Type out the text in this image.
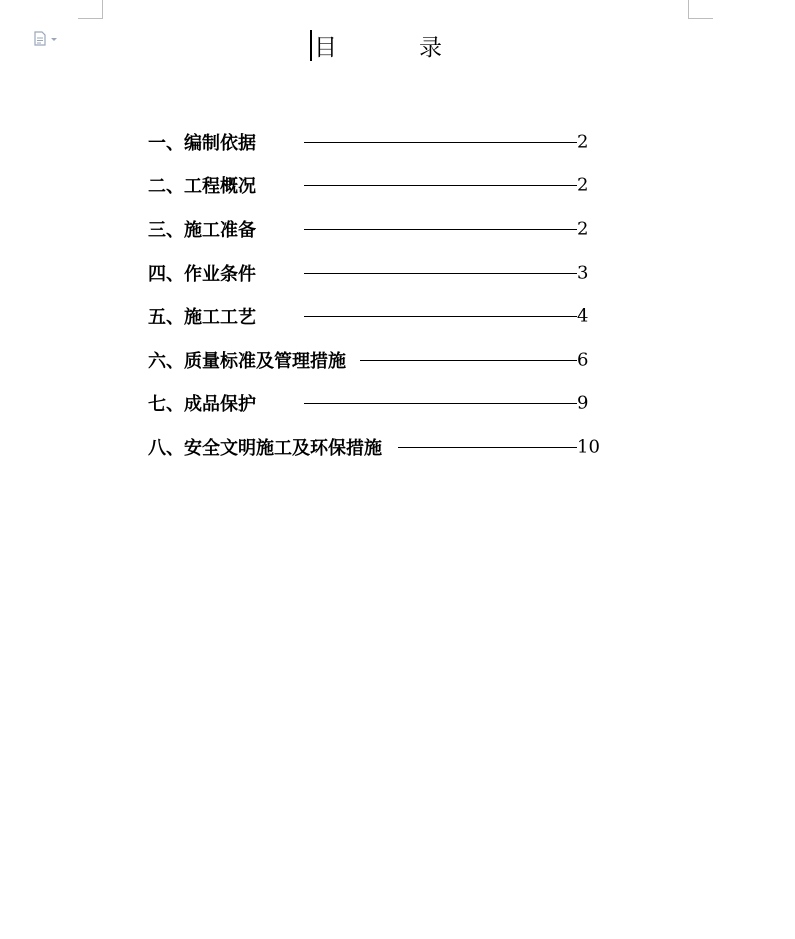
目	录
一、编制依据	2
二、工程概况	2
三、施工准备	2
四、作业条件	3
五、施工工艺	4
六、质量标准及管理措施	6
七、成品保护	9
八、安全文明施工及环保措施	10
